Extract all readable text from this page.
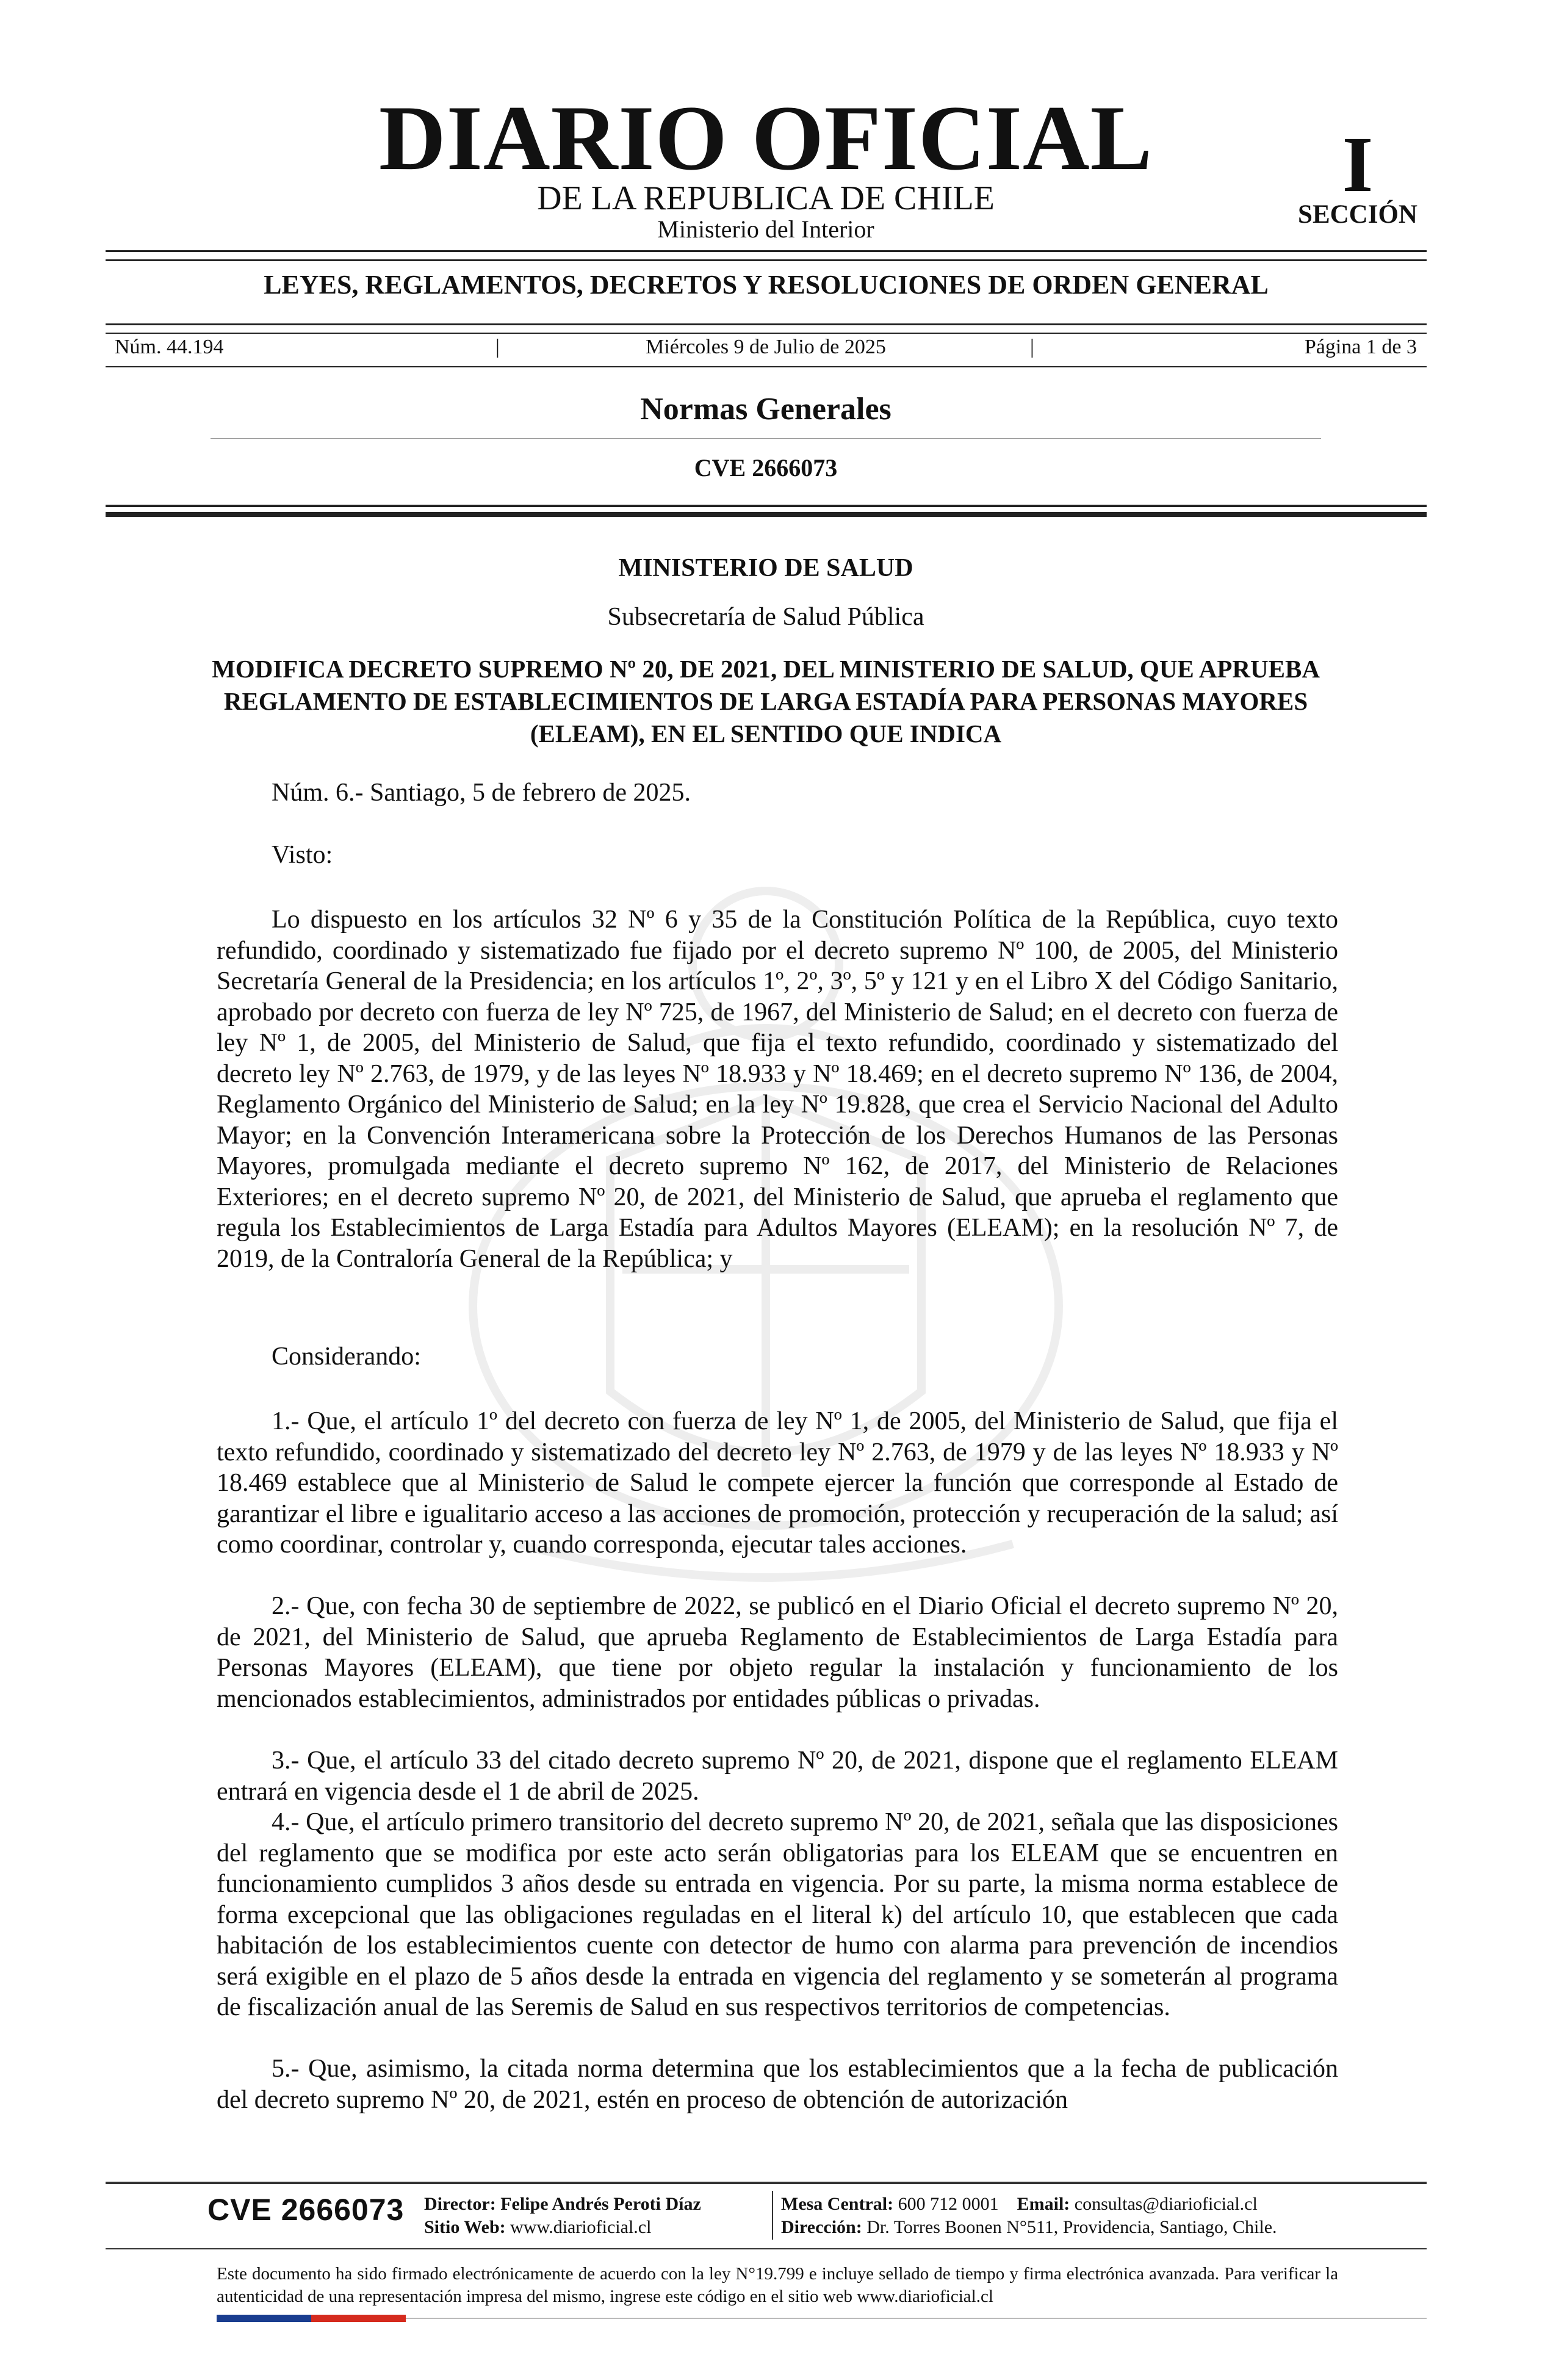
DIARIO OFICIAL
DE LA REPUBLICA DE CHILE
Ministerio del Interior
I
SECCIÓN
LEYES, REGLAMENTOS, DECRETOS Y RESOLUCIONES DE ORDEN GENERAL
Núm. 44.194	|	Miércoles 9 de Julio de 2025	|	Página 1 de 3
Normas Generales
CVE 2666073
MINISTERIO DE SALUD
Subsecretaría de Salud Pública
MODIFICA DECRETO SUPREMO Nº 20, DE 2021, DEL MINISTERIO DE SALUD, QUE APRUEBA REGLAMENTO DE ESTABLECIMIENTOS DE LARGA ESTADÍA PARA PERSONAS MAYORES (ELEAM), EN EL SENTIDO QUE INDICA
Núm. 6.- Santiago, 5 de febrero de 2025.
Visto:
Lo dispuesto en los artículos 32 Nº 6 y 35 de la Constitución Política de la República, cuyo texto refundido, coordinado y sistematizado fue fijado por el decreto supremo Nº 100, de 2005, del Ministerio Secretaría General de la Presidencia; en los artículos 1º, 2º, 3º, 5º y 121 y en el Libro X del Código Sanitario, aprobado por decreto con fuerza de ley Nº 725, de 1967, del Ministerio de Salud; en el decreto con fuerza de ley Nº 1, de 2005, del Ministerio de Salud, que fija el texto refundido, coordinado y sistematizado del decreto ley Nº 2.763, de 1979, y de las leyes Nº 18.933 y Nº 18.469; en el decreto supremo Nº 136, de 2004, Reglamento Orgánico del Ministerio de Salud; en la ley Nº 19.828, que crea el Servicio Nacional del Adulto Mayor; en la Convención Interamericana sobre la Protección de los Derechos Humanos de las Personas Mayores, promulgada mediante el decreto supremo Nº 162, de 2017, del Ministerio de Relaciones Exteriores; en el decreto supremo Nº 20, de 2021, del Ministerio de Salud, que aprueba el reglamento que regula los Establecimientos de Larga Estadía para Adultos Mayores (ELEAM); en la resolución Nº 7, de 2019, de la Contraloría General de la República; y
Considerando:
1.- Que, el artículo 1º del decreto con fuerza de ley Nº 1, de 2005, del Ministerio de Salud, que fija el texto refundido, coordinado y sistematizado del decreto ley Nº 2.763, de 1979 y de las leyes Nº 18.933 y Nº 18.469 establece que al Ministerio de Salud le compete ejercer la función que corresponde al Estado de garantizar el libre e igualitario acceso a las acciones de promoción, protección y recuperación de la salud; así como coordinar, controlar y, cuando corresponda, ejecutar tales acciones.
2.- Que, con fecha 30 de septiembre de 2022, se publicó en el Diario Oficial el decreto supremo Nº 20, de 2021, del Ministerio de Salud, que aprueba Reglamento de Establecimientos de Larga Estadía para Personas Mayores (ELEAM), que tiene por objeto regular la instalación y funcionamiento de los mencionados establecimientos, administrados por entidades públicas o privadas.
3.- Que, el artículo 33 del citado decreto supremo Nº 20, de 2021, dispone que el reglamento ELEAM entrará en vigencia desde el 1 de abril de 2025.
4.- Que, el artículo primero transitorio del decreto supremo Nº 20, de 2021, señala que las disposiciones del reglamento que se modifica por este acto serán obligatorias para los ELEAM que se encuentren en funcionamiento cumplidos 3 años desde su entrada en vigencia. Por su parte, la misma norma establece de forma excepcional que las obligaciones reguladas en el literal k) del artículo 10, que establecen que cada habitación de los establecimientos cuente con detector de humo con alarma para prevención de incendios será exigible en el plazo de 5 años desde la entrada en vigencia del reglamento y se someterán al programa de fiscalización anual de las Seremis de Salud en sus respectivos territorios de competencias.
5.- Que, asimismo, la citada norma determina que los establecimientos que a la fecha de publicación del decreto supremo Nº 20, de 2021, estén en proceso de obtención de autorización
CVE 2666073 Director: Felipe Andrés Peroti Díaz
Sitio Web: www.diarioficial.cl
Mesa Central: 600 712 0001 Email: consultas@diarioficial.cl
Dirección: Dr. Torres Boonen N°511, Providencia, Santiago, Chile.
Este documento ha sido firmado electrónicamente de acuerdo con la ley N°19.799 e incluye sellado de tiempo y firma electrónica avanzada. Para verificar la autenticidad de una representación impresa del mismo, ingrese este código en el sitio web www.diarioficial.cl
